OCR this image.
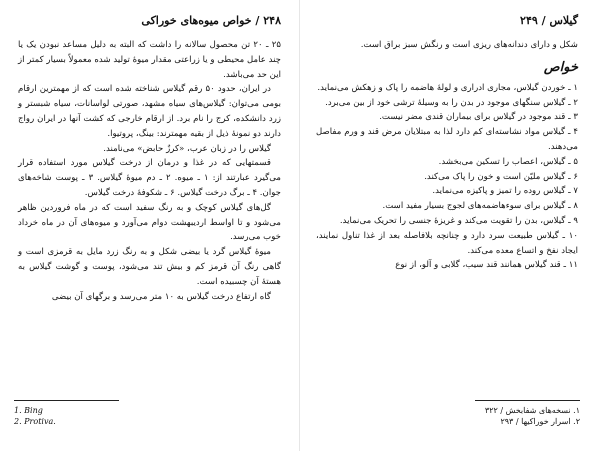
۲۴۸ / خواص میوه‌های خوراکی

۲۵ ـ ۲۰ تن محصول سالانه را داشت که البته به دلیل مساعد نبودن یک یا چند عامل محیطی و یا زراعتی مقدار میوهٔ تولید شده معمولاً بسیار کمتر از این حد می‌باشد.

در ایران، حدود ۵۰ رقم گیلاس شناخته شده است که از مهمترین ارقام بومی می‌توان: گیلاس‌های سیاه مشهد، صورتی لواسانات، سیاه شبستر و زرد دانشکده، کرج را نام برد. از ارقام خارجی که کشت آنها در ایران رواج دارند دو نمونهٔ ذیل از بقیه مهمترند: بینگ، پروتیوا.

گیلاس را در زبان عرب، «کرزٌ حابض» می‌نامند.

قسمتهایی که در غذا و درمان از درخت گیلاس مورد استفاده قرار می‌گیرد عبارتند از: ۱ ـ میوه. ۲ ـ دم میوهٔ گیلاس. ۳ ـ پوست شاخه‌های جوان. ۴ ـ برگ درخت گیلاس. ۶ ـ شکوفهٔ درخت گیلاس.

گل‌های گیلاس کوچک و به رنگ سفید است که در ماه فروردین ظاهر می‌شود و تا اواسط اردیبهشت دوام می‌آورد و میوه‌های آن در ماه خرداد خوب می‌رسد.

میوهٔ گیلاس گرد یا بیضی شکل و به رنگ زرد مایل به قرمزی است و گاهی رنگ آن قرمز کم و بیش تند می‌شود، پوست و گوشت گیلاس به هستهٔ آن چسبیده است.

گاه ارتفاع درخت گیلاس به ۱۰ متر می‌رسد و برگهای آن بیضی

1. Bing
2. Protiva.
گیلاس / ۲۴۹

شکل و دارای دندانه‌های ریزی است و رنگش سبز براق است.

خواص

۱ ـ خوردن گیلاس، مجاری ادراری و لولهٔ هاضمه را پاک و زهکش می‌نماید.

۲ ـ گیلاس سنگهای موجود در بدن را به وسیلهٔ ترشی خود از بین می‌برد.

۳ ـ قند موجود در گیلاس برای بیماران قندی مضر نیست.

۴ ـ گیلاس مواد نشاسته‌ای کم دارد لذا به مبتلایان مرض قند و ورم مفاصل می‌دهند.

۵ ـ گیلاس، اعصاب را تسکین می‌بخشد.

۶ ـ گیلاس ملیّن است و خون را پاک می‌کند.

۷ ـ گیلاس روده را تمیز و پاکیزه می‌نماید.

۸ ـ گیلاس برای سوءهاضمه‌های لجوج بسیار مفید است.

۹ ـ گیلاس، بدن را تقویت می‌کند و غریزهٔ جنسی را تحریک می‌نماید.

۱۰ ـ گیلاس طبیعت سرد دارد و چنانچه بلافاصله بعد از غذا تناول نمایند، ایجاد نفخ و اتساع معده می‌کند.

۱۱ ـ قند گیلاس همانند قند سیب، گلابی و آلو، از نوع

۱. نسخه‌های شفابخش / ۳۲۲
۲. اسرار خوراکیها / ۲۹۳
